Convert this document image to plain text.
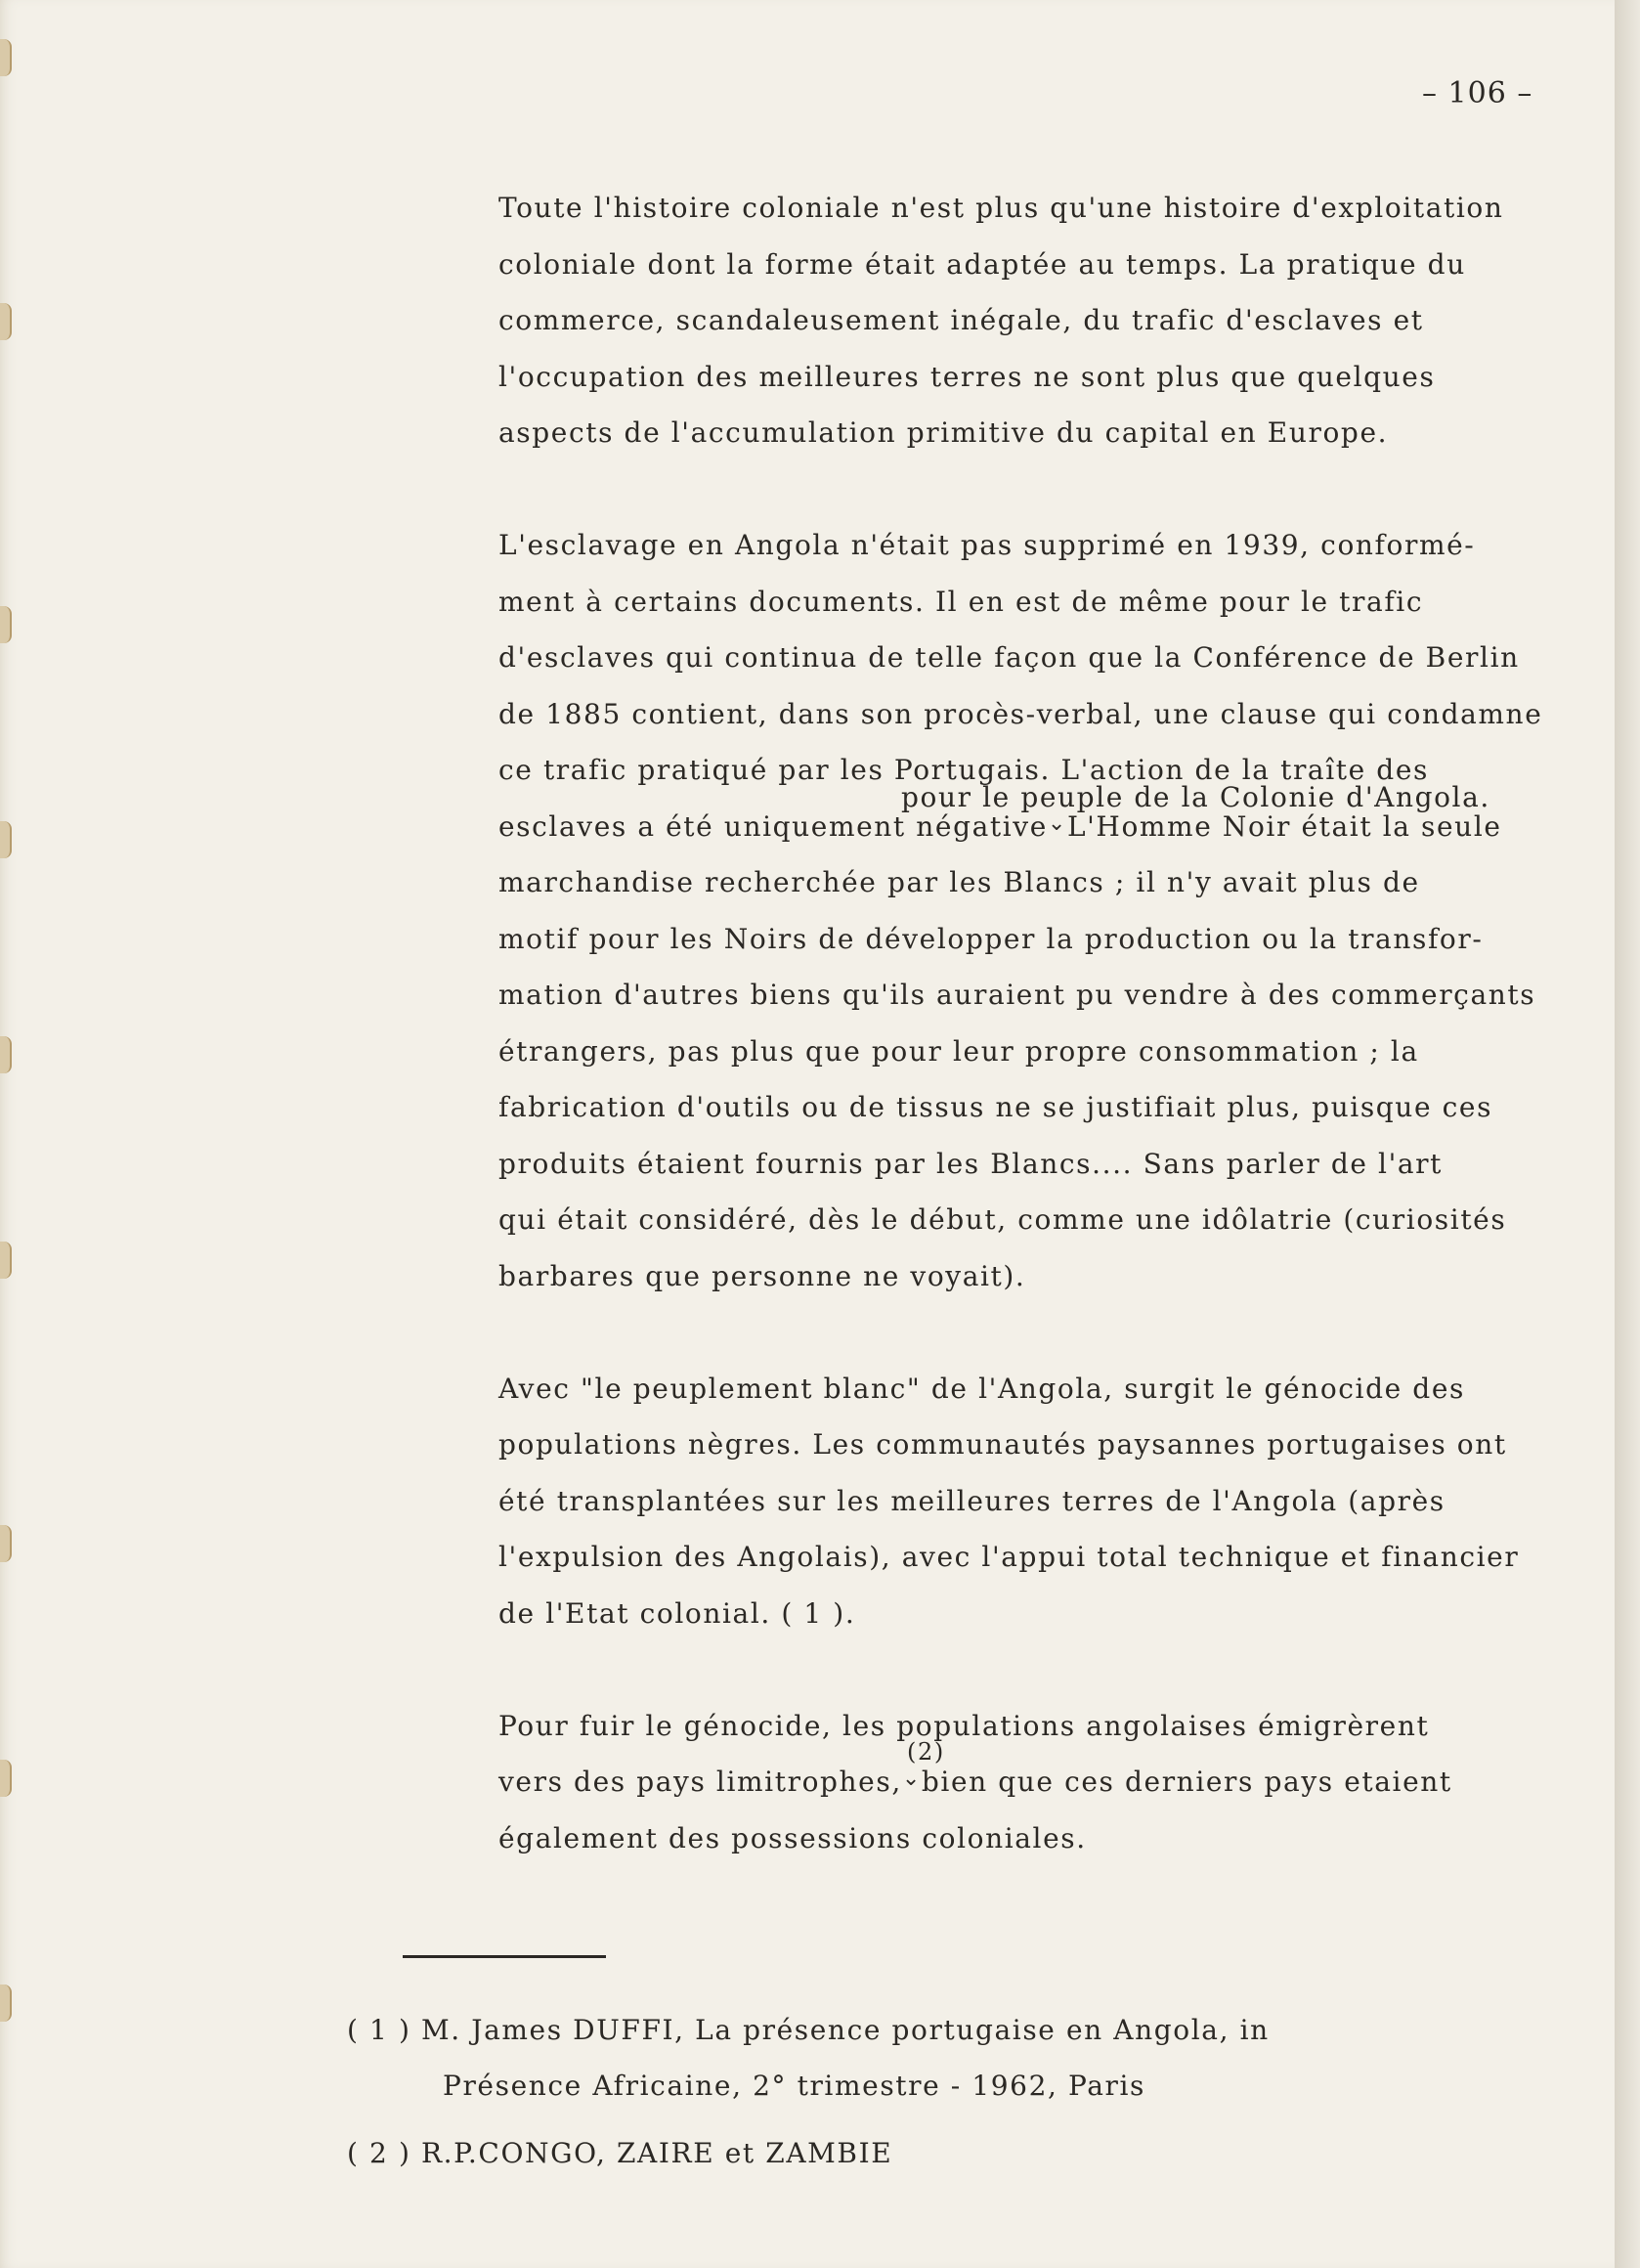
– 106 –

Toute l'histoire coloniale n'est plus qu'une histoire d'exploitation
coloniale dont la forme était adaptée au temps. La pratique du
commerce, scandaleusement inégale, du trafic d'esclaves et
l'occupation des meilleures terres ne sont plus que quelques
aspects de l'accumulation primitive du capital en Europe.

L'esclavage en Angola n'était pas supprimé en 1939, conformé-
ment à certains documents. Il en est de même pour le trafic
d'esclaves qui continua de telle façon que la Conférence de Berlin
de 1885 contient, dans son procès-verbal, une clause qui condamne
ce trafic pratiqué par les Portugais. L'action de la traîte des
pour le peuple de la Colonie d'Angola.
esclaves a été uniquement négative⌄L'Homme Noir était la seule
marchandise recherchée par les Blancs ; il n'y avait plus de
motif pour les Noirs de développer la production ou la transfor-
mation d'autres biens qu'ils auraient pu vendre à des commerçants
étrangers, pas plus que pour leur propre consommation ; la
fabrication d'outils ou de tissus ne se justifiait plus, puisque ces
produits étaient fournis par les Blancs.... Sans parler de l'art
qui était considéré, dès le début, comme une idôlatrie (curiosités
barbares que personne ne voyait).

Avec "le peuplement blanc" de l'Angola, surgit le génocide des
populations nègres. Les communautés paysannes portugaises ont
été transplantées sur les meilleures terres de l'Angola (après
l'expulsion des Angolais), avec l'appui total technique et financier
de l'Etat colonial. ( 1 ).

Pour fuir le génocide, les populations angolaises émigrèrent
(2)
vers des pays limitrophes,⌄bien que ces derniers pays etaient
également des possessions coloniales.

( 1 ) M. James DUFFI, La présence portugaise en Angola, in
Présence Africaine, 2° trimestre - 1962, Paris
( 2 ) R.P.CONGO, ZAIRE et ZAMBIE
